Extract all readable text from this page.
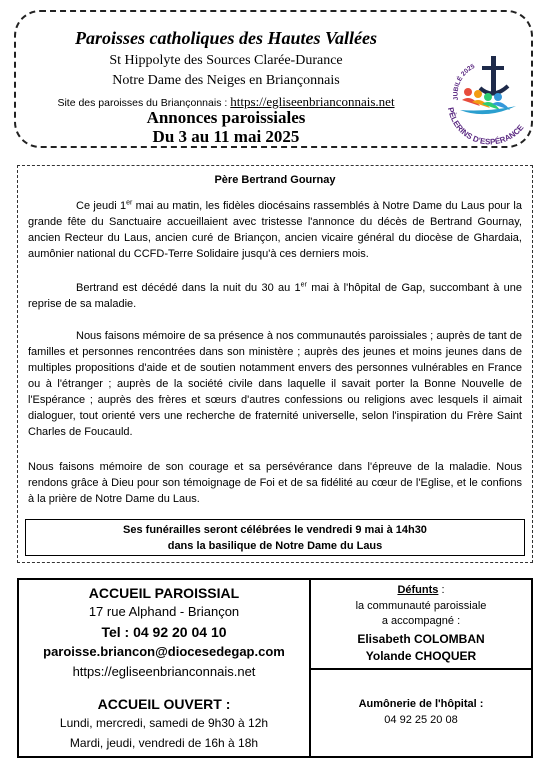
Paroisses catholiques des Hautes Vallées
St Hippolyte des Sources Clarée-Durance
Notre Dame des Neiges en Briançonnais
Site des paroisses du Briançonnais : https://egliseenbrianconnais.net
Annonces paroissiales
Du 3 au 11 mai 2025
JUBILÉ 2025
PÈLERINS D'ESPÉRANCE
Père Bertrand Gournay

Ce jeudi 1er mai au matin, les fidèles diocésains rassemblés à Notre Dame du Laus pour la grande fête du Sanctuaire accueillaient avec tristesse l'annonce du décès de Bertrand Gournay, ancien Recteur du Laus, ancien curé de Briançon, ancien vicaire général du diocèse de Ghardaia, aumônier national du CCFD-Terre Solidaire jusqu'à ces derniers mois.

Bertrand est décédé dans la nuit du 30 au 1er mai à l'hôpital de Gap, succombant à une reprise de sa maladie.

Nous faisons mémoire de sa présence à nos communautés paroissiales ; auprès de tant de familles et personnes rencontrées dans son ministère ; auprès des jeunes et moins jeunes dans de multiples propositions d'aide et de soutien notamment envers des personnes vulnérables en France ou à l'étranger ; auprès de la société civile dans laquelle il savait porter la Bonne Nouvelle de l'Espérance ; auprès des frères et sœurs d'autres confessions ou religions avec lesquels il aimait dialoguer, tout orienté vers une recherche de fraternité universelle, selon l'inspiration du Frère Saint Charles de Foucauld.

Nous faisons mémoire de son courage et sa persévérance dans l'épreuve de la maladie. Nous rendons grâce à Dieu pour son témoignage de Foi et de sa fidélité au cœur de l'Eglise, et le confions à la prière de Notre Dame du Laus.

Ses funérailles seront célébrées le vendredi 9 mai à 14h30
dans la basilique de Notre Dame du Laus
ACCUEIL PAROISSIAL
17 rue Alphand - Briançon
Tel : 04 92 20 04 10
paroisse.briancon@diocesedegap.com
https://egliseenbrianconnais.net
ACCUEIL OUVERT :
Lundi, mercredi, samedi de 9h30 à 12h
Mardi, jeudi, vendredi de 16h à 18h
Défunts :
la communauté paroissiale
a accompagné :
Elisabeth COLOMBAN
Yolande CHOQUER
Aumônerie de l'hôpital :
04 92 25 20 08
